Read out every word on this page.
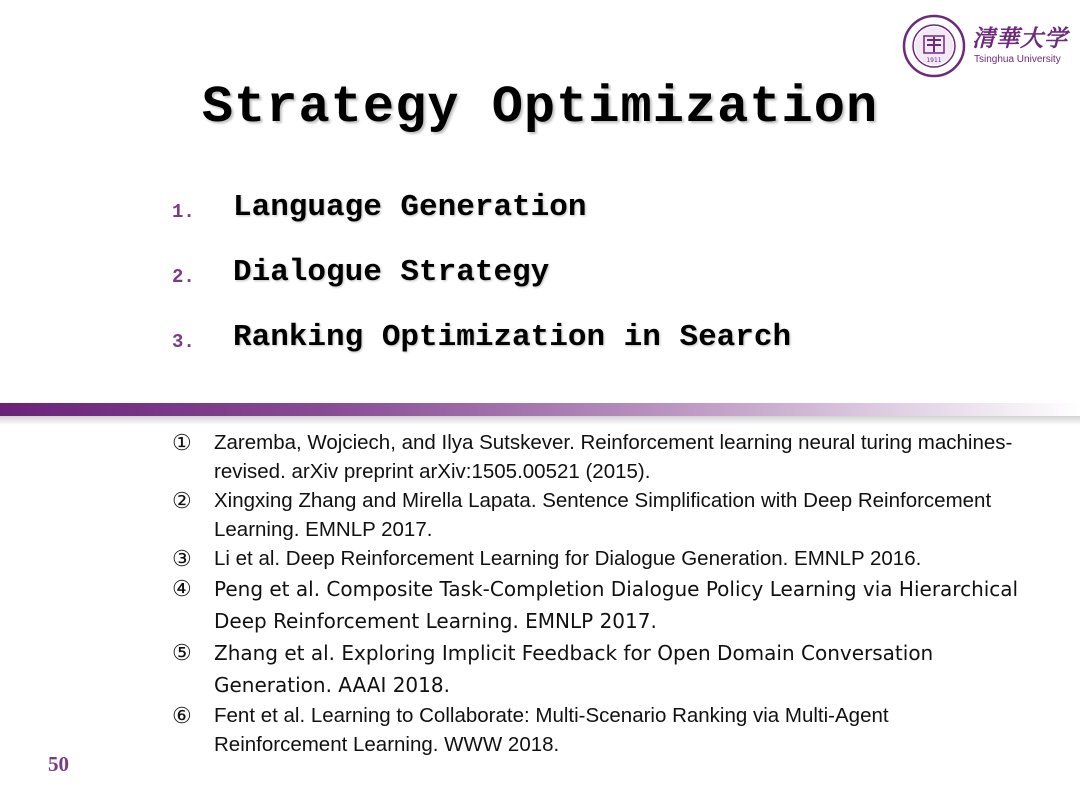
1911
清華大学
Tsinghua University
Strategy Optimization
1. Language Generation
2. Dialogue Strategy
3. Ranking Optimization in Search
① Zaremba, Wojciech, and Ilya Sutskever. Reinforcement learning neural turing machines-revised. arXiv preprint arXiv:1505.00521 (2015).
② Xingxing Zhang and Mirella Lapata. Sentence Simplification with Deep Reinforcement Learning. EMNLP 2017.
③ Li et al. Deep Reinforcement Learning for Dialogue Generation. EMNLP 2016.
④ Peng et al. Composite Task-Completion Dialogue Policy Learning via Hierarchical Deep Reinforcement Learning. EMNLP 2017.
⑤ Zhang et al. Exploring Implicit Feedback for Open Domain Conversation Generation. AAAI 2018.
⑥ Fent et al. Learning to Collaborate: Multi-Scenario Ranking via Multi-Agent Reinforcement Learning. WWW 2018.
50
